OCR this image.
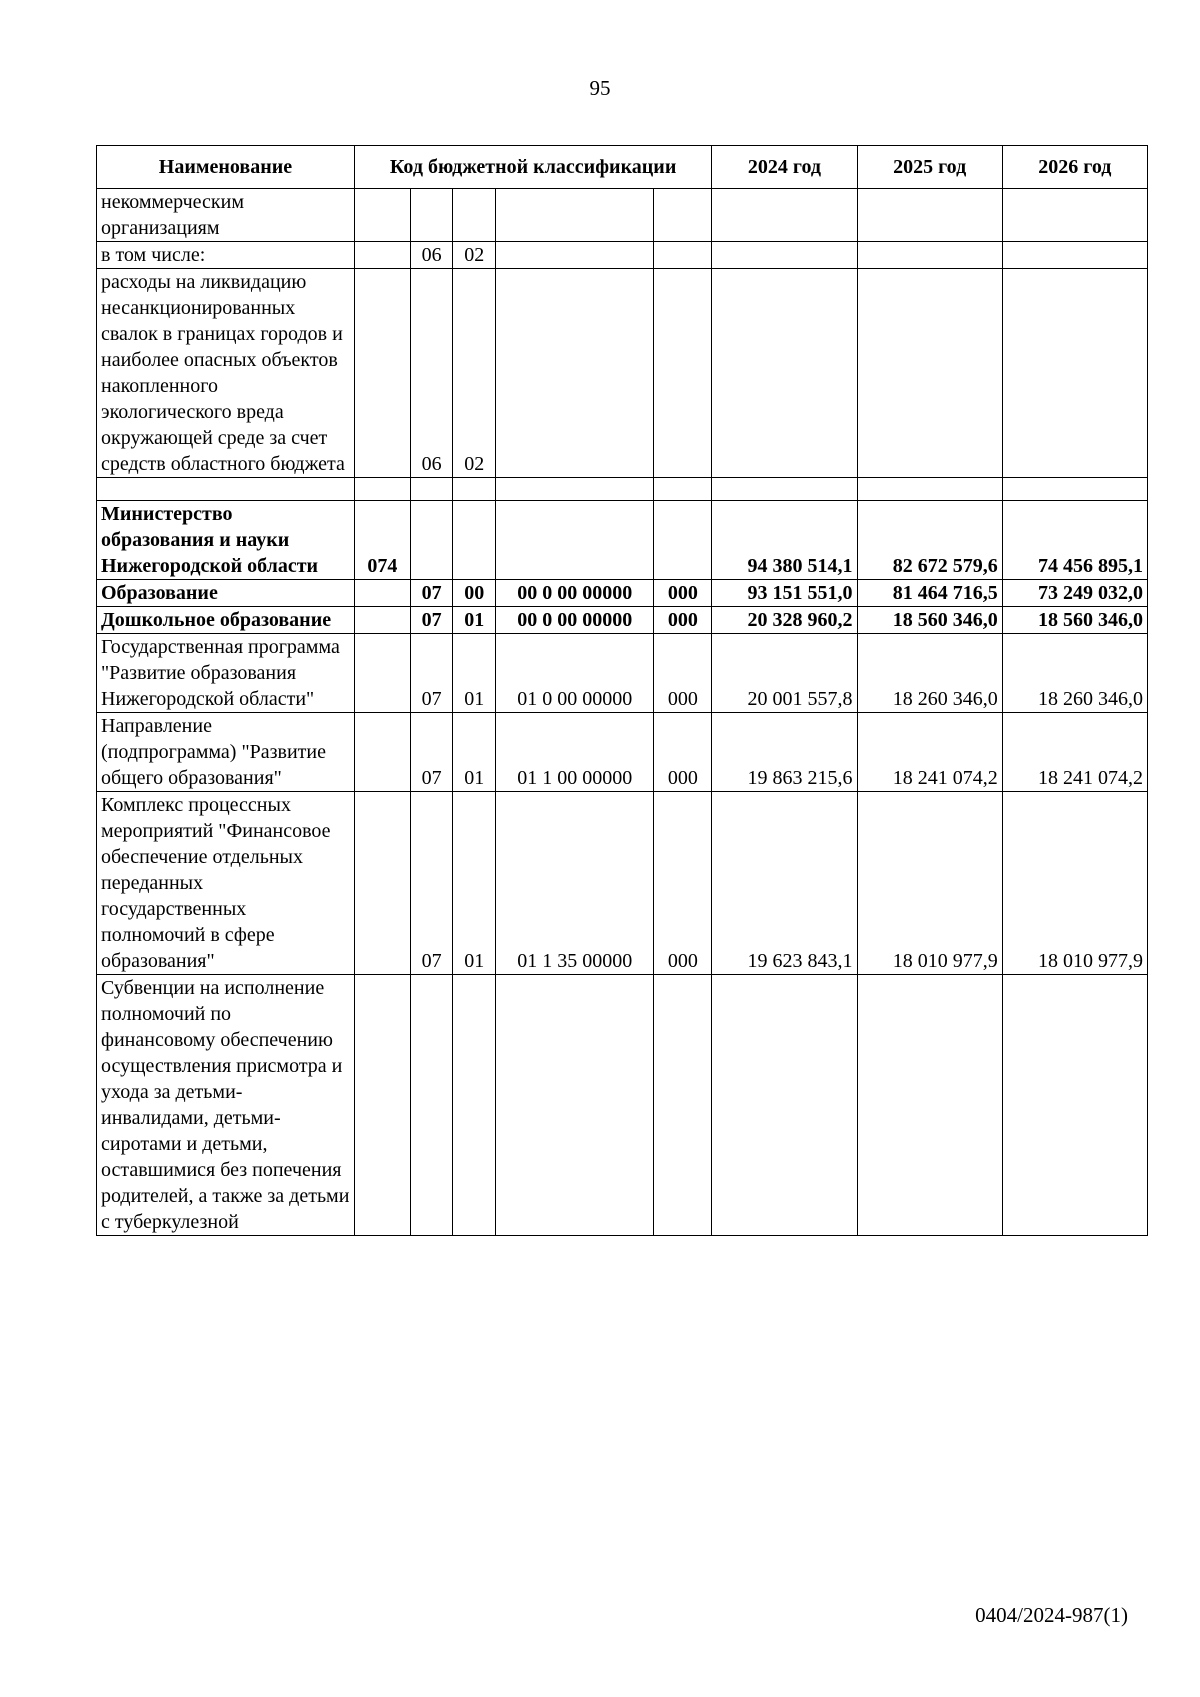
95
Наименование	Код бюджетной классификации					2024 год	2025 год	2026 год
некоммерческим организациям								
в том числе:		06	02					
расходы на ликвидацию несанкционированных свалок в границах городов и наиболее опасных объектов накопленного экологического вреда окружающей среде за счет средств областного бюджета		06	02					

Министерство образования и науки Нижегородской области	074					94 380 514,1	82 672 579,6	74 456 895,1
Образование		07	00	00 0 00 00000	000	93 151 551,0	81 464 716,5	73 249 032,0
Дошкольное образование		07	01	00 0 00 00000	000	20 328 960,2	18 560 346,0	18 560 346,0
Государственная программа "Развитие образования Нижегородской области"		07	01	01 0 00 00000	000	20 001 557,8	18 260 346,0	18 260 346,0
Направление (подпрограмма) "Развитие общего образования"		07	01	01 1 00 00000	000	19 863 215,6	18 241 074,2	18 241 074,2
Комплекс процессных мероприятий "Финансовое обеспечение отдельных переданных государственных полномочий в сфере образования"		07	01	01 1 35 00000	000	19 623 843,1	18 010 977,9	18 010 977,9
Субвенции на исполнение полномочий по финансовому обеспечению осуществления присмотра и ухода за детьми-инвалидами, детьми-сиротами и детьми, оставшимися без попечения родителей, а также за детьми с туберкулезной								
0404/2024-987(1)
